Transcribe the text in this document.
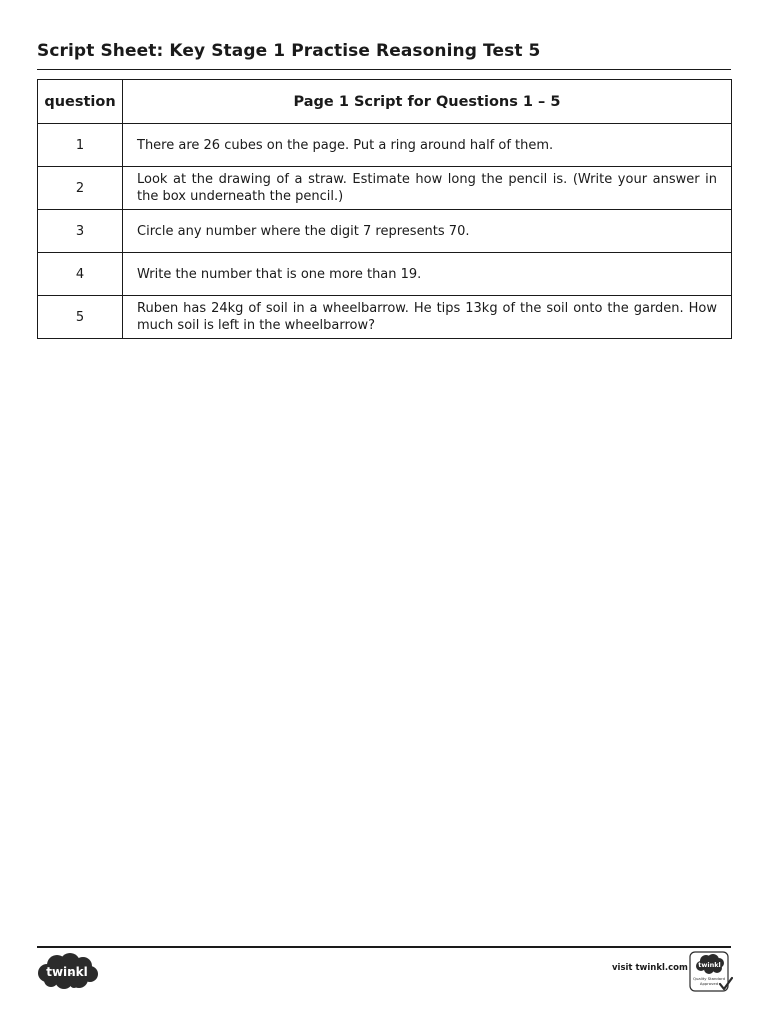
Script Sheet: Key Stage 1 Practise Reasoning Test 5
question	Page 1 Script for Questions 1 – 5
1	There are 26 cubes on the page. Put a ring around half of them.
2	Look at the drawing of a straw. Estimate how long the pencil is. (Write your answer in the box underneath the pencil.)
3	Circle any number where the digit 7 represents 70.
4	Write the number that is one more than 19.
5	Ruben has 24kg of soil in a wheelbarrow. He tips 13kg of the soil onto the garden. How much soil is left in the wheelbarrow?
twinkl	visit twinkl.com twinkl
Quality Standard
Approved
